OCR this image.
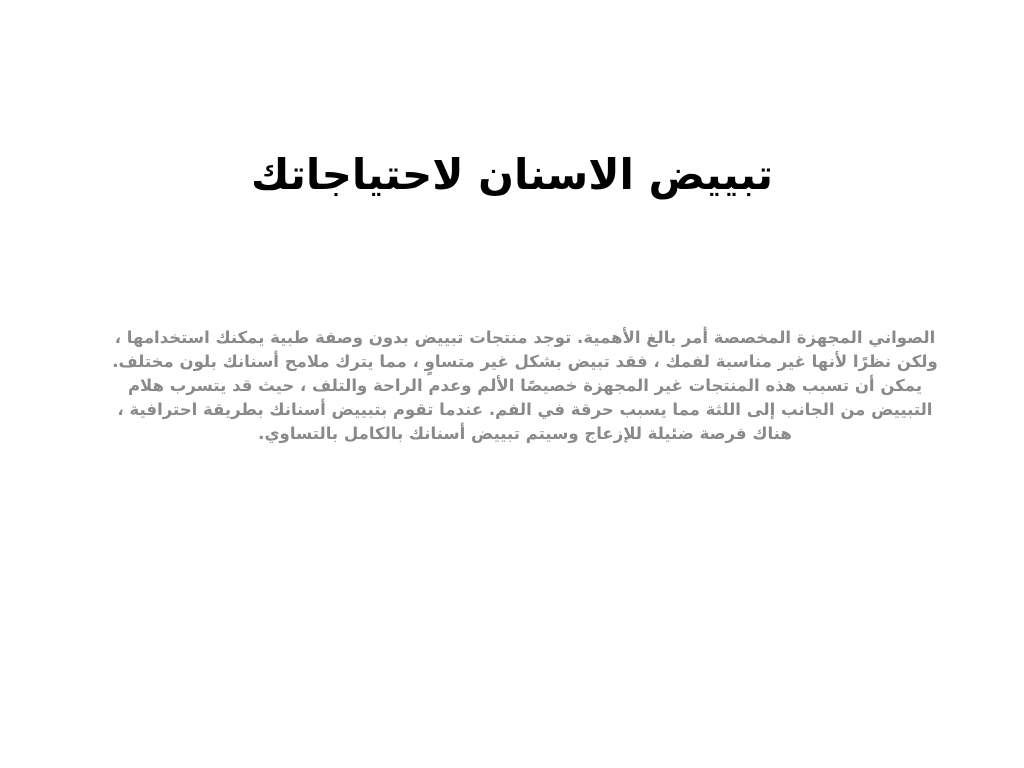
تبييض الاسنان لاحتياجاتك

الصواني المجهزة المخصصة أمر بالغ الأهمية. توجد منتجات تبييض بدون وصفة طبية يمكنك استخدامها ، ولكن نظرًا لأنها غير مناسبة لفمك ، فقد تبيض بشكل غير متساوٍ ، مما يترك ملامح أسنانك بلون مختلف. يمكن أن تسبب هذه المنتجات غير المجهزة خصيصًا الألم وعدم الراحة والتلف ، حيث قد يتسرب هلام التبييض من الجانب إلى اللثة مما يسبب حرقة في الفم. عندما تقوم بتبييض أسنانك بطريقة احترافية ، هناك فرصة ضئيلة للإزعاج وسيتم تبييض أسنانك بالكامل بالتساوي.
